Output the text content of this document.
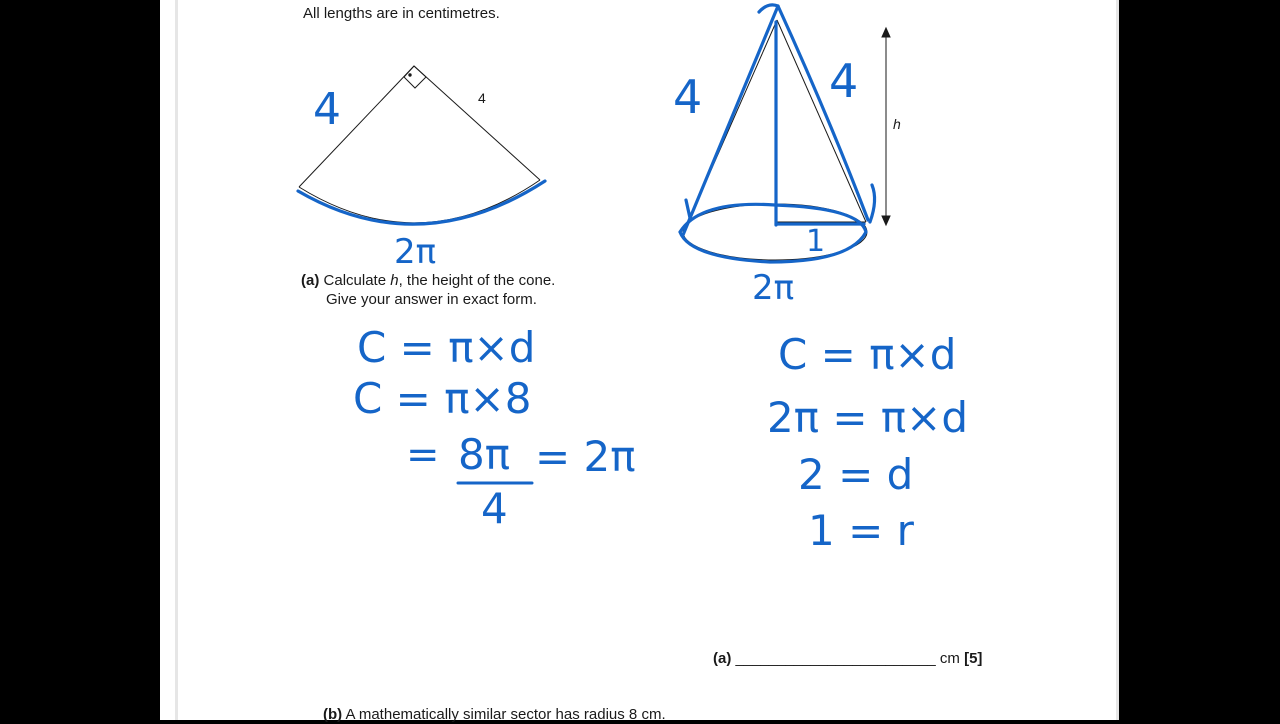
All lengths are in centimetres.
4
h
(a) Calculate h, the height of the cone.
Give your answer in exact form.
(a) ________________________ cm [5]
(b) A mathematically similar sector has radius 8 cm.
4
2π
4	4
1
2π
C = π×d
C = π×8
= 8π
4
= 2π
C = π×d
2π = π×d
2 = d
1 = r
